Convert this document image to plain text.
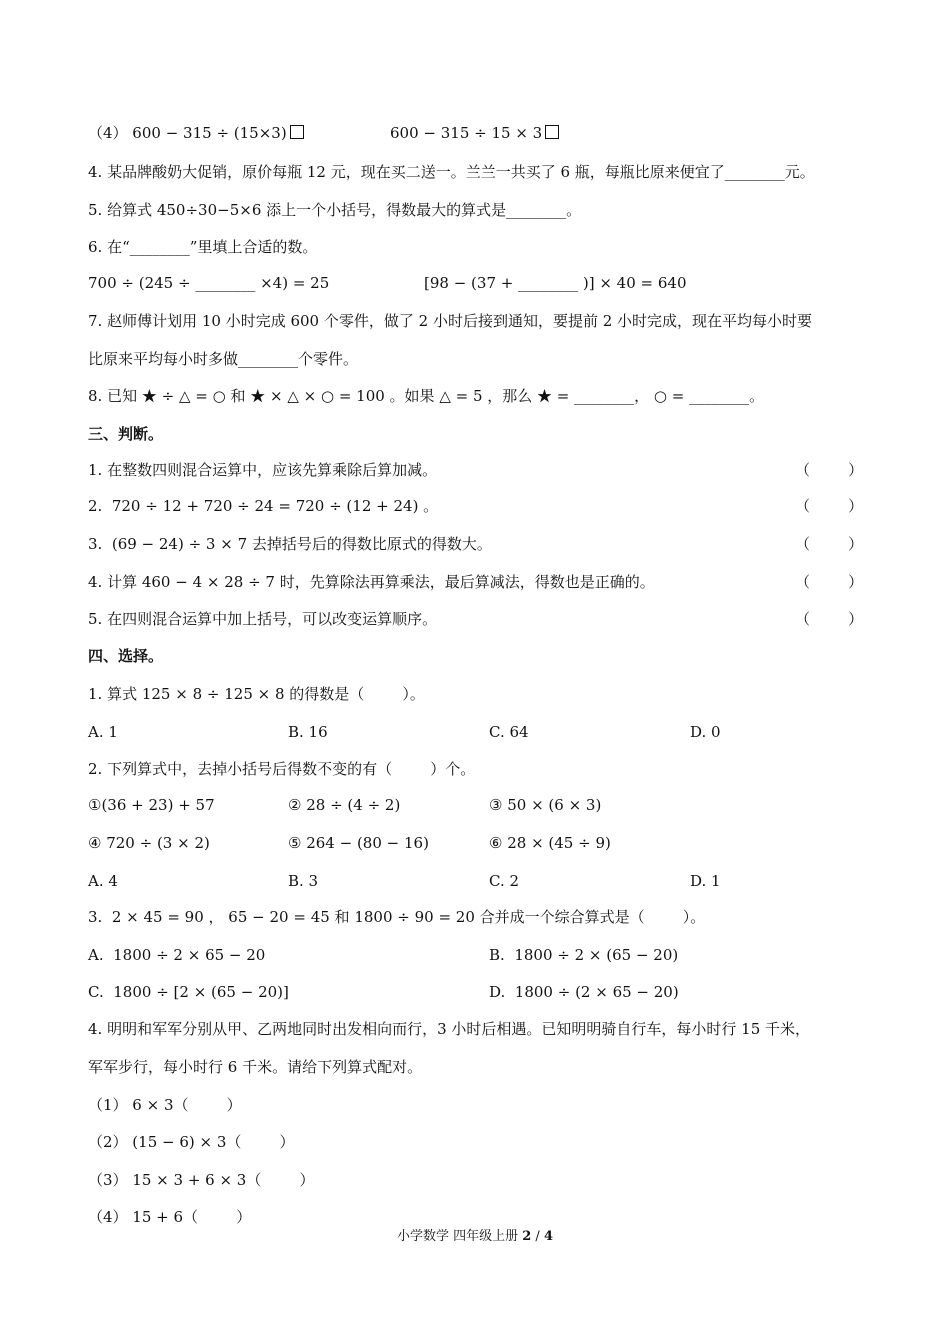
（4） 600 − 315 ÷ (15×3)	600 − 315 ÷ 15 × 3
4. 某品牌酸奶大促销，原价每瓶 12 元，现在买二送一。兰兰一共买了 6 瓶，每瓶比原来便宜了________元。
5. 给算式 450÷30−5×6 添上一个小括号，得数最大的算式是________。
6. 在“________”里填上合适的数。
700 ÷ (245 ÷ ________ ×4) = 25	[98 − (37 + ________ )] × 40 = 640
7. 赵师傅计划用 10 小时完成 600 个零件，做了 2 小时后接到通知，要提前 2 小时完成，现在平均每小时要
比原来平均每小时多做________个零件。
8. 已知 ★ ÷ △ = ○ 和 ★ × △ × ○ = 100 。如果 △ = 5 ，那么 ★ = ________， ○ = ________。
三、判断。
1. 在整数四则混合运算中，应该先算乘除后算加减。	（        ）
2.  720 ÷ 12 + 720 ÷ 24 = 720 ÷ (12 + 24) 。	（        ）
3.  (69 − 24) ÷ 3 × 7 去掉括号后的得数比原式的得数大。	（        ）
4. 计算 460 − 4 × 28 ÷ 7 时，先算除法再算乘法，最后算减法，得数也是正确的。	（        ）
5. 在四则混合运算中加上括号，可以改变运算顺序。	（        ）
四、选择。
1. 算式 125 × 8 ÷ 125 × 8 的得数是（        ）。
A. 1	B. 16	C. 64	D. 0
2. 下列算式中，去掉小括号后得数不变的有（        ）个。
①(36 + 23) + 57	② 28 ÷ (4 ÷ 2)	③ 50 × (6 × 3)
④ 720 ÷ (3 × 2)	⑤ 264 − (80 − 16)	⑥ 28 × (45 ÷ 9)
A. 4	B. 3	C. 2	D. 1
3.  2 × 45 = 90 ， 65 − 20 = 45 和 1800 ÷ 90 = 20 合并成一个综合算式是（        ）。
A.  1800 ÷ 2 × 65 − 20	B.  1800 ÷ 2 × (65 − 20)
C.  1800 ÷ [2 × (65 − 20)]	D.  1800 ÷ (2 × 65 − 20)
4. 明明和军军分别从甲、乙两地同时出发相向而行，3 小时后相遇。已知明明骑自行车，每小时行 15 千米，
军军步行，每小时行 6 千米。请给下列算式配对。
（1） 6 × 3（        ）
（2） (15 − 6) × 3（        ）
（3） 15 × 3 + 6 × 3（        ）
（4） 15 + 6（        ）
小学数学 四年级上册 2 / 4
